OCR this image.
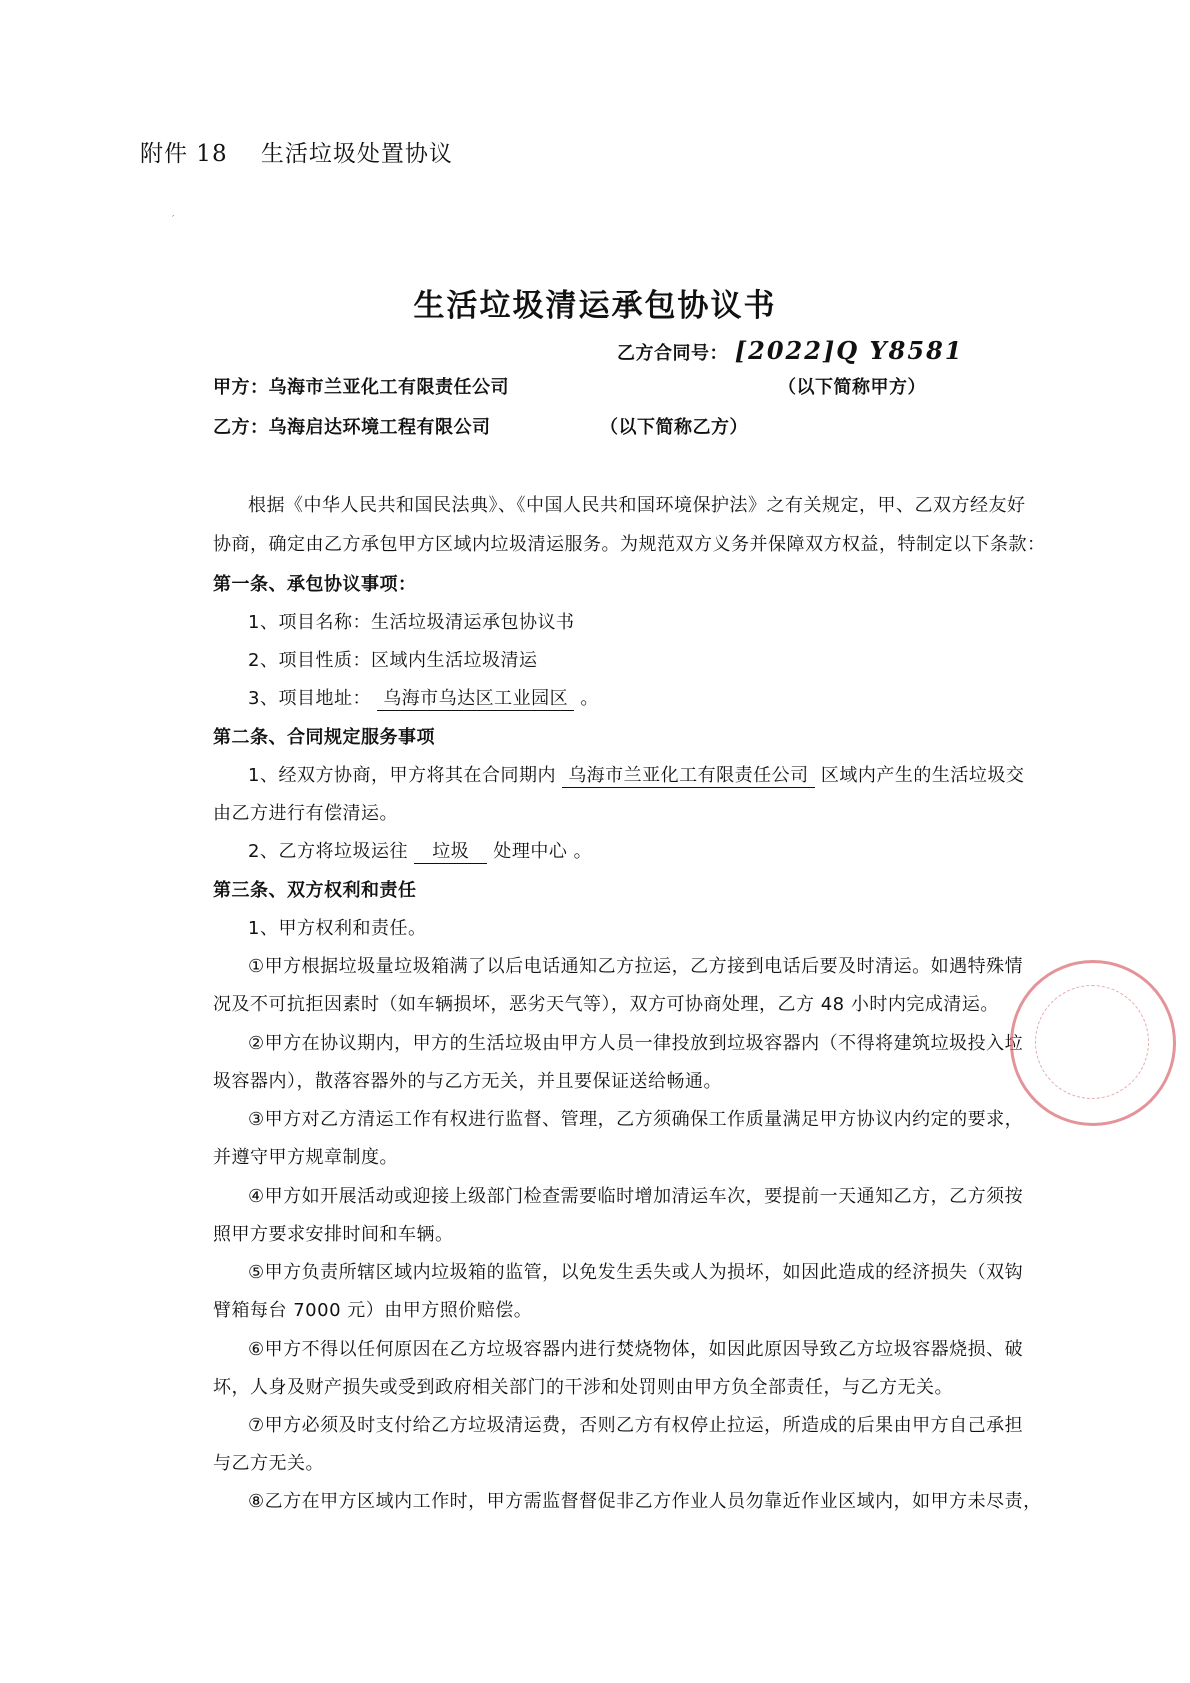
附件 18 生活垃圾处置协议
′
生活垃圾清运承包协议书
乙方合同号： [2022]Q Y8581
甲方：乌海市兰亚化工有限责任公司	（以下简称甲方）
乙方：乌海启达环境工程有限公司	（以下简称乙方）
根据《中华人民共和国民法典》、《中国人民共和国环境保护法》之有关规定，甲、乙双方经友好
协商，确定由乙方承包甲方区域内垃圾清运服务。为规范双方义务并保障双方权益，特制定以下条款：
第一条、承包协议事项：
1、项目名称：生活垃圾清运承包协议书
2、项目性质：区域内生活垃圾清运
3、项目地址： 乌海市乌达区工业园区 。
第二条、合同规定服务事项
1、经双方协商，甲方将其在合同期内 乌海市兰亚化工有限责任公司 区域内产生的生活垃圾交
由乙方进行有偿清运。
2、乙方将垃圾运往 垃圾 处理中心 。
第三条、双方权利和责任
1、甲方权利和责任。
①甲方根据垃圾量垃圾箱满了以后电话通知乙方拉运，乙方接到电话后要及时清运。如遇特殊情
况及不可抗拒因素时（如车辆损坏，恶劣天气等），双方可协商处理，乙方 48 小时内完成清运。
②甲方在协议期内，甲方的生活垃圾由甲方人员一律投放到垃圾容器内（不得将建筑垃圾投入垃
圾容器内），散落容器外的与乙方无关，并且要保证送给畅通。
③甲方对乙方清运工作有权进行监督、管理，乙方须确保工作质量满足甲方协议内约定的要求，
并遵守甲方规章制度。
④甲方如开展活动或迎接上级部门检查需要临时增加清运车次，要提前一天通知乙方，乙方须按
照甲方要求安排时间和车辆。
⑤甲方负责所辖区域内垃圾箱的监管，以免发生丢失或人为损坏，如因此造成的经济损失（双钩
臂箱每台 7000 元）由甲方照价赔偿。
⑥甲方不得以任何原因在乙方垃圾容器内进行焚烧物体，如因此原因导致乙方垃圾容器烧损、破
坏，人身及财产损失或受到政府相关部门的干涉和处罚则由甲方负全部责任，与乙方无关。
⑦甲方必须及时支付给乙方垃圾清运费，否则乙方有权停止拉运，所造成的后果由甲方自己承担
与乙方无关。
⑧乙方在甲方区域内工作时，甲方需监督督促非乙方作业人员勿靠近作业区域内，如甲方未尽责，
